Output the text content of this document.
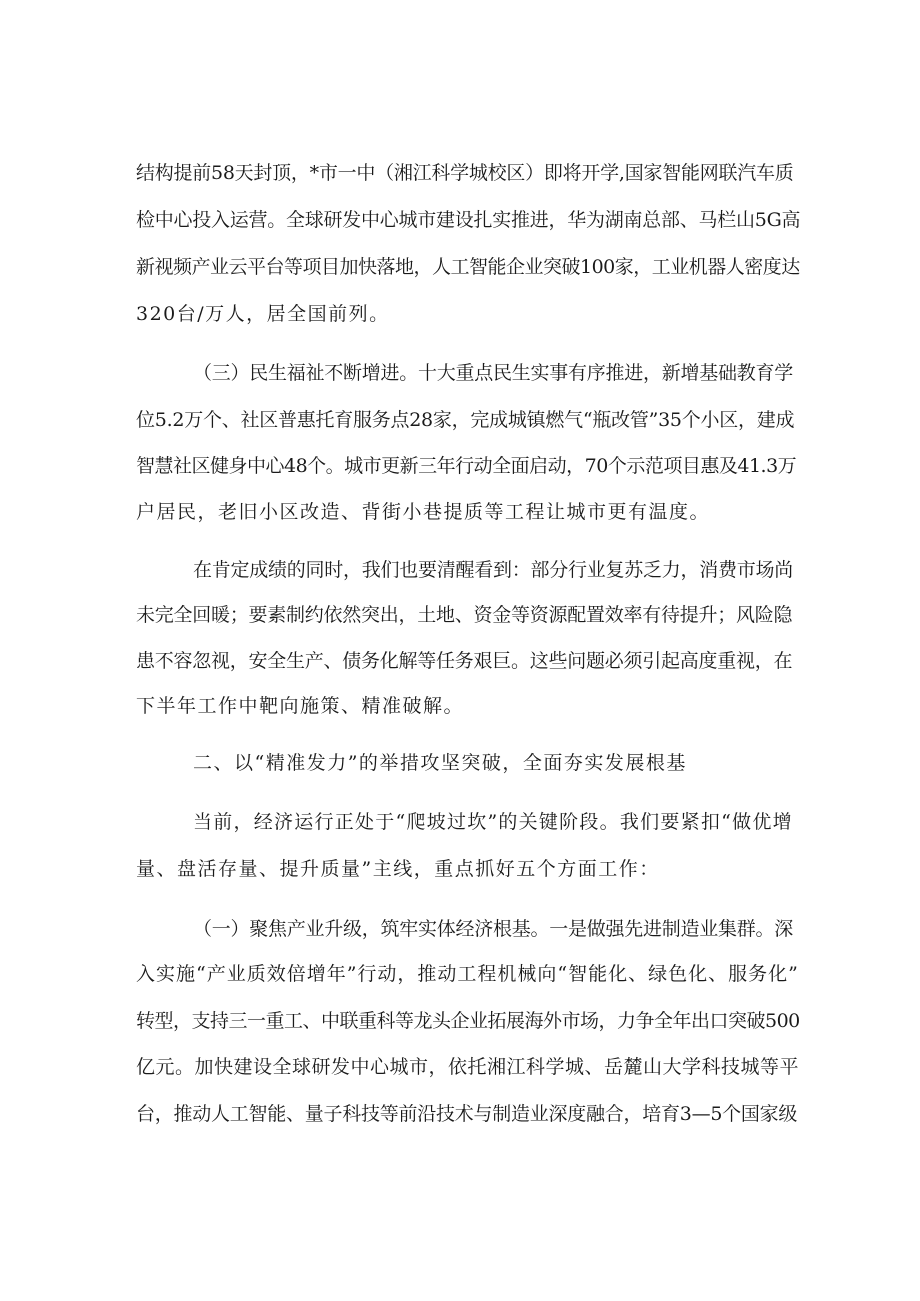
结构提前58天封顶，*市一中（湘江科学城校区）即将开学,国家智能网联汽车质
检中心投入运营。全球研发中心城市建设扎实推进，华为湖南总部、马栏山5G高
新视频产业云平台等项目加快落地，人工智能企业突破100家，工业机器人密度达
320台/万人，居全国前列。
（三）民生福祉不断增进。十大重点民生实事有序推进，新增基础教育学
位5.2万个、社区普惠托育服务点28家，完成城镇燃气“瓶改管”35个小区，建成
智慧社区健身中心48个。城市更新三年行动全面启动，70个示范项目惠及41.3万
户居民，老旧小区改造、背街小巷提质等工程让城市更有温度。
在肯定成绩的同时，我们也要清醒看到：部分行业复苏乏力，消费市场尚
未完全回暖；要素制约依然突出，土地、资金等资源配置效率有待提升；风险隐
患不容忽视，安全生产、债务化解等任务艰巨。这些问题必须引起高度重视，在
下半年工作中靶向施策、精准破解。
二、以“精准发力”的举措攻坚突破，全面夯实发展根基
当前，经济运行正处于“爬坡过坎”的关键阶段。我们要紧扣“做优增
量、盘活存量、提升质量”主线，重点抓好五个方面工作：
（一）聚焦产业升级，筑牢实体经济根基。一是做强先进制造业集群。深
入实施“产业质效倍增年”行动，推动工程机械向“智能化、绿色化、服务化”
转型，支持三一重工、中联重科等龙头企业拓展海外市场，力争全年出口突破500
亿元。加快建设全球研发中心城市，依托湘江科学城、岳麓山大学科技城等平
台，推动人工智能、量子科技等前沿技术与制造业深度融合，培育3—5个国家级
